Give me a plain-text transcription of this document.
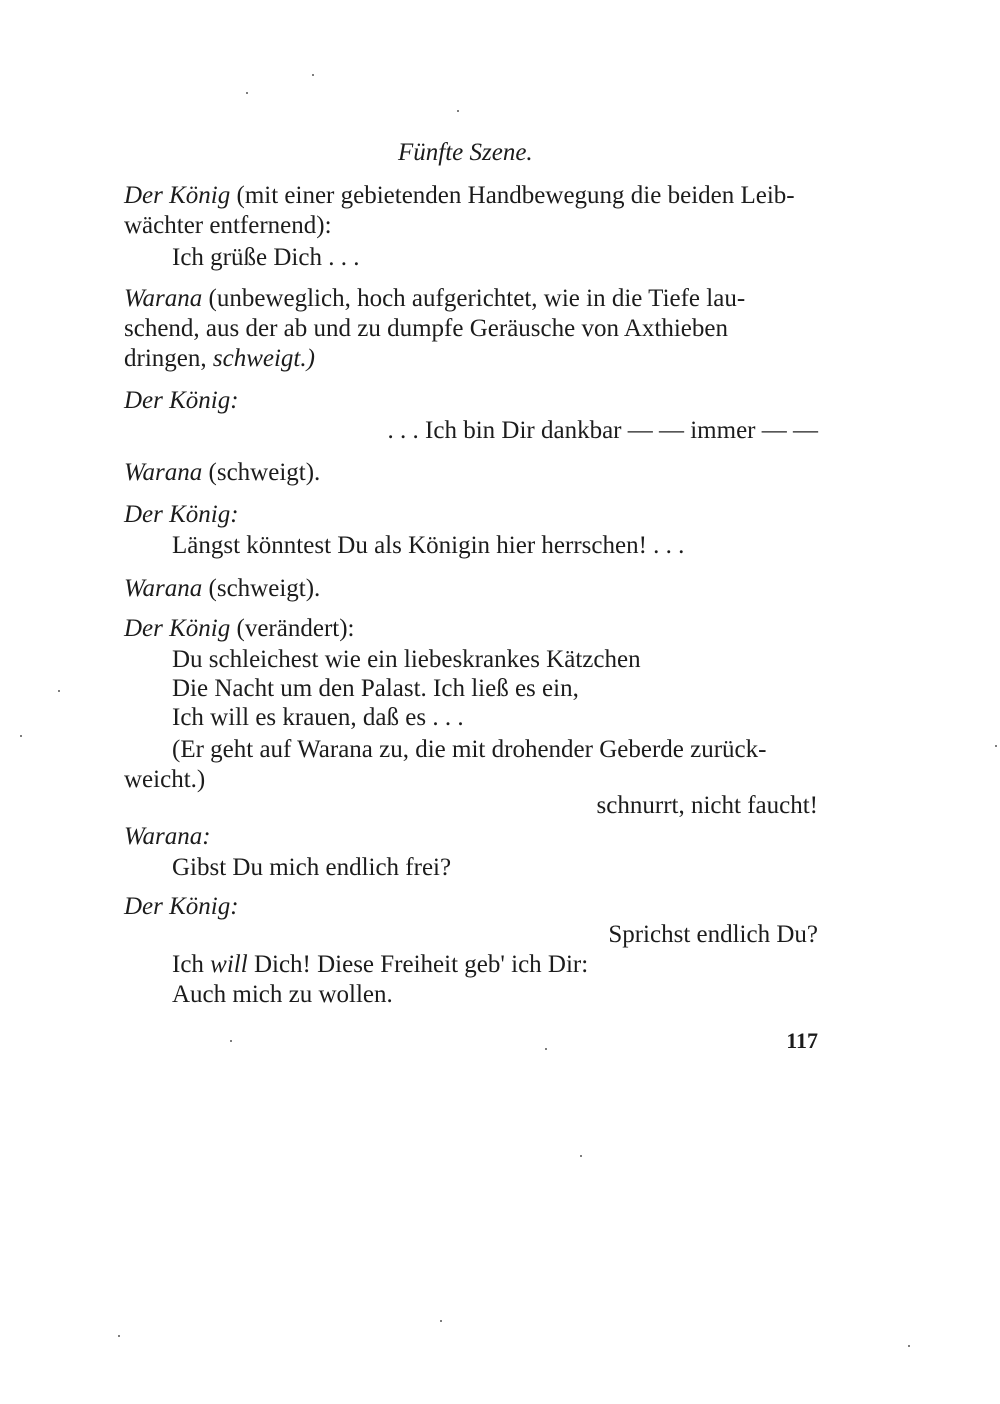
Fünfte Szene.
Der König (mit einer gebietenden Handbewegung die beiden Leib-
wächter entfernend):
Ich grüße Dich . . .
Warana (unbeweglich, hoch aufgerichtet, wie in die Tiefe lau-
schend, aus der ab und zu dumpfe Geräusche von Axthieben
dringen, schweigt.)
Der König:
. . . Ich bin Dir dankbar — — immer — —
Warana (schweigt).
Der König:
Längst könntest Du als Königin hier herrschen! . . .
Warana (schweigt).
Der König (verändert):
Du schleichest wie ein liebeskrankes Kätzchen
Die Nacht um den Palast. Ich ließ es ein,
Ich will es krauen, daß es . . .
(Er geht auf Warana zu, die mit drohender Geberde zurück-
weicht.)
schnurrt, nicht faucht!
Warana:
Gibst Du mich endlich frei?
Der König:
Sprichst endlich Du?
Ich will Dich! Diese Freiheit geb' ich Dir:
Auch mich zu wollen.
117
